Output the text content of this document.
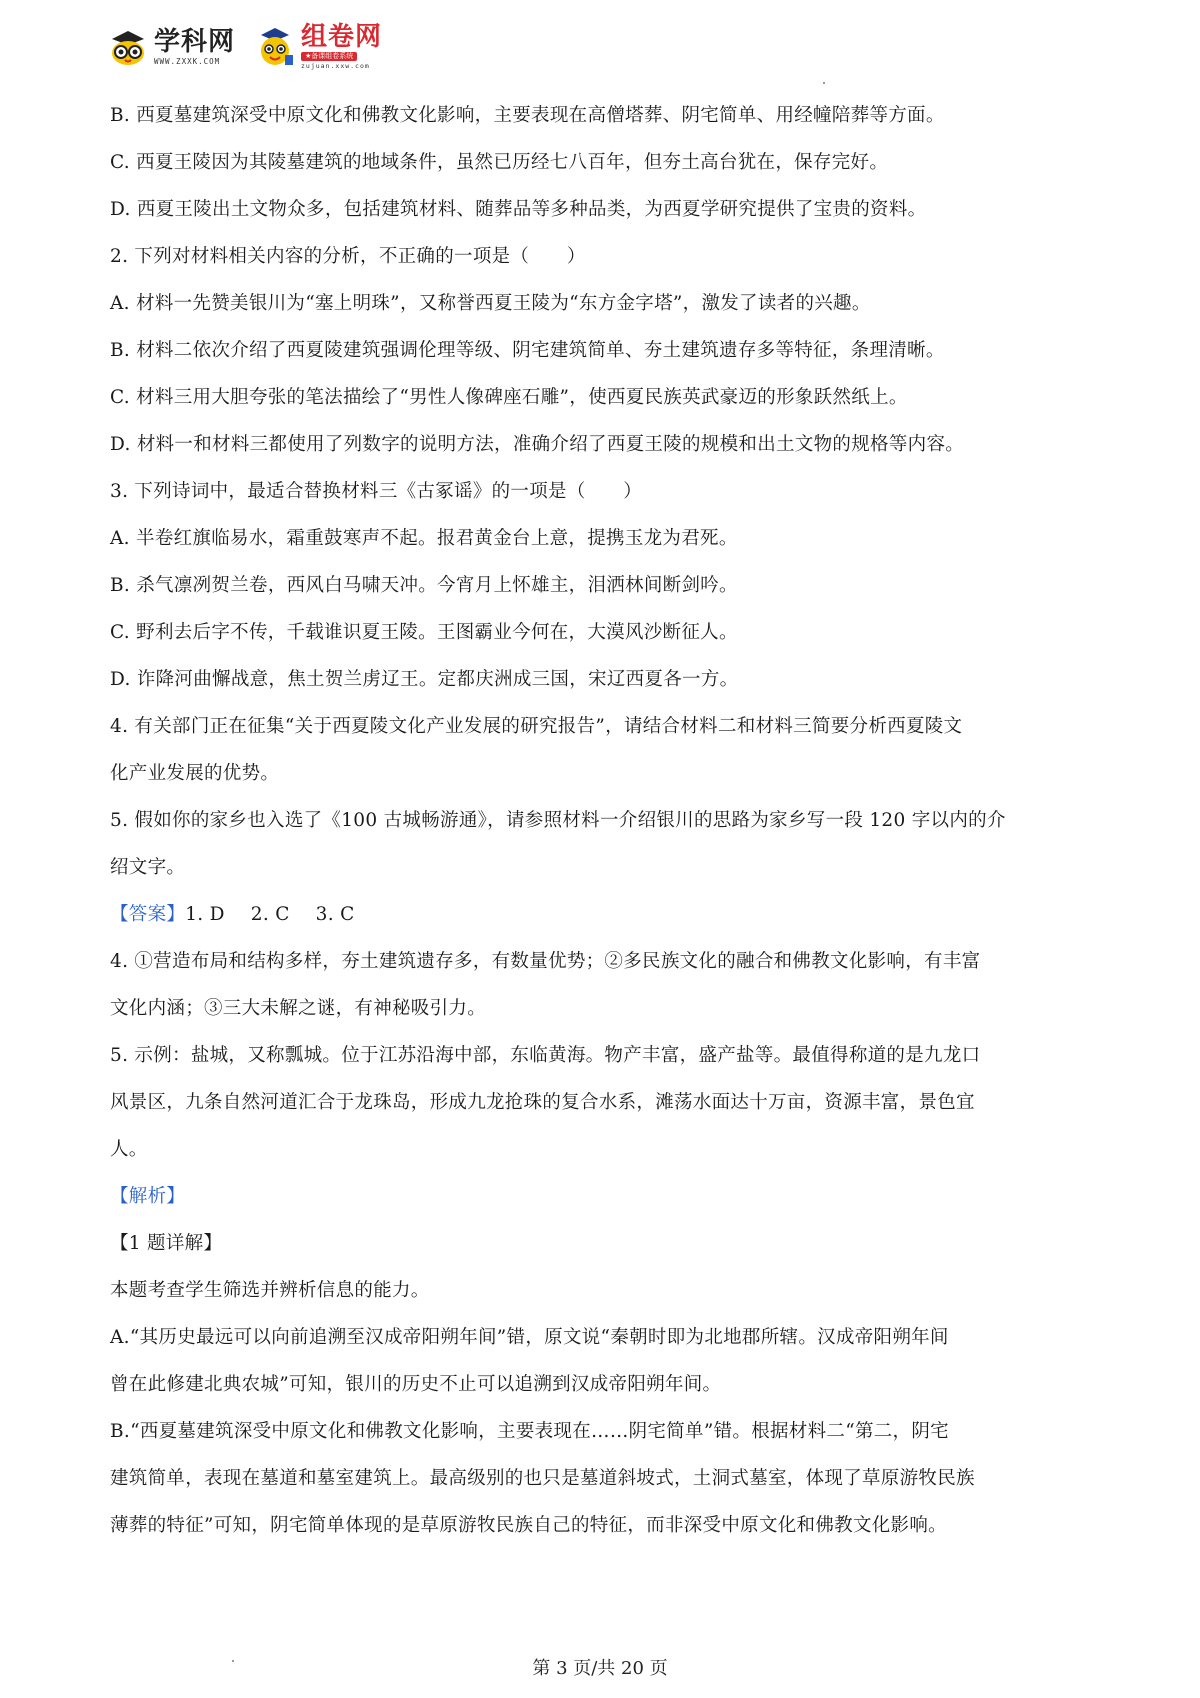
学科网
WWW.ZXXK.COM
组卷网
★备课组卷系统
zujuan.xxw.com
B. 西夏墓建筑深受中原文化和佛教文化影响，主要表现在高僧塔葬、阴宅简单、用经幢陪葬等方面。
C. 西夏王陵因为其陵墓建筑的地域条件，虽然已历经七八百年，但夯土高台犹在，保存完好。
D. 西夏王陵出土文物众多，包括建筑材料、随葬品等多种品类，为西夏学研究提供了宝贵的资料。
2. 下列对材料相关内容的分析，不正确的一项是（　　）
A. 材料一先赞美银川为“塞上明珠”，又称誉西夏王陵为“东方金字塔”，激发了读者的兴趣。
B. 材料二依次介绍了西夏陵建筑强调伦理等级、阴宅建筑简单、夯土建筑遗存多等特征，条理清晰。
C. 材料三用大胆夸张的笔法描绘了“男性人像碑座石雕”，使西夏民族英武豪迈的形象跃然纸上。
D. 材料一和材料三都使用了列数字的说明方法，准确介绍了西夏王陵的规模和出土文物的规格等内容。
3. 下列诗词中，最适合替换材料三《古冢谣》的一项是（　　）
A. 半卷红旗临易水，霜重鼓寒声不起。报君黄金台上意，提携玉龙为君死。
B. 杀气凛冽贺兰卷，西风白马啸天冲。今宵月上怀雄主，泪洒林间断剑吟。
C. 野利去后字不传，千载谁识夏王陵。王图霸业今何在，大漠风沙断征人。
D. 诈降河曲懈战意，焦土贺兰虏辽王。定都庆洲成三国，宋辽西夏各一方。
4. 有关部门正在征集“关于西夏陵文化产业发展的研究报告”，请结合材料二和材料三简要分析西夏陵文
化产业发展的优势。
5. 假如你的家乡也入选了《100 古城畅游通》，请参照材料一介绍银川的思路为家乡写一段 120 字以内的介
绍文字。
【答案】1. D 2. C 3. C
4. ①营造布局和结构多样，夯土建筑遗存多，有数量优势；②多民族文化的融合和佛教文化影响，有丰富
文化内涵；③三大未解之谜，有神秘吸引力。
5. 示例：盐城，又称瓢城。位于江苏沿海中部，东临黄海。物产丰富，盛产盐等。最值得称道的是九龙口
风景区，九条自然河道汇合于龙珠岛，形成九龙抢珠的复合水系，滩荡水面达十万亩，资源丰富，景色宜
人。
【解析】
【1 题详解】
本题考查学生筛选并辨析信息的能力。
A.“其历史最远可以向前追溯至汉成帝阳朔年间”错，原文说“秦朝时即为北地郡所辖。汉成帝阳朔年间
曾在此修建北典农城”可知，银川的历史不止可以追溯到汉成帝阳朔年间。
B.“西夏墓建筑深受中原文化和佛教文化影响，主要表现在……阴宅简单”错。根据材料二“第二，阴宅
建筑简单，表现在墓道和墓室建筑上。最高级别的也只是墓道斜坡式，土洞式墓室，体现了草原游牧民族
薄葬的特征”可知，阴宅简单体现的是草原游牧民族自己的特征，而非深受中原文化和佛教文化影响。
第 3 页/共 20 页
